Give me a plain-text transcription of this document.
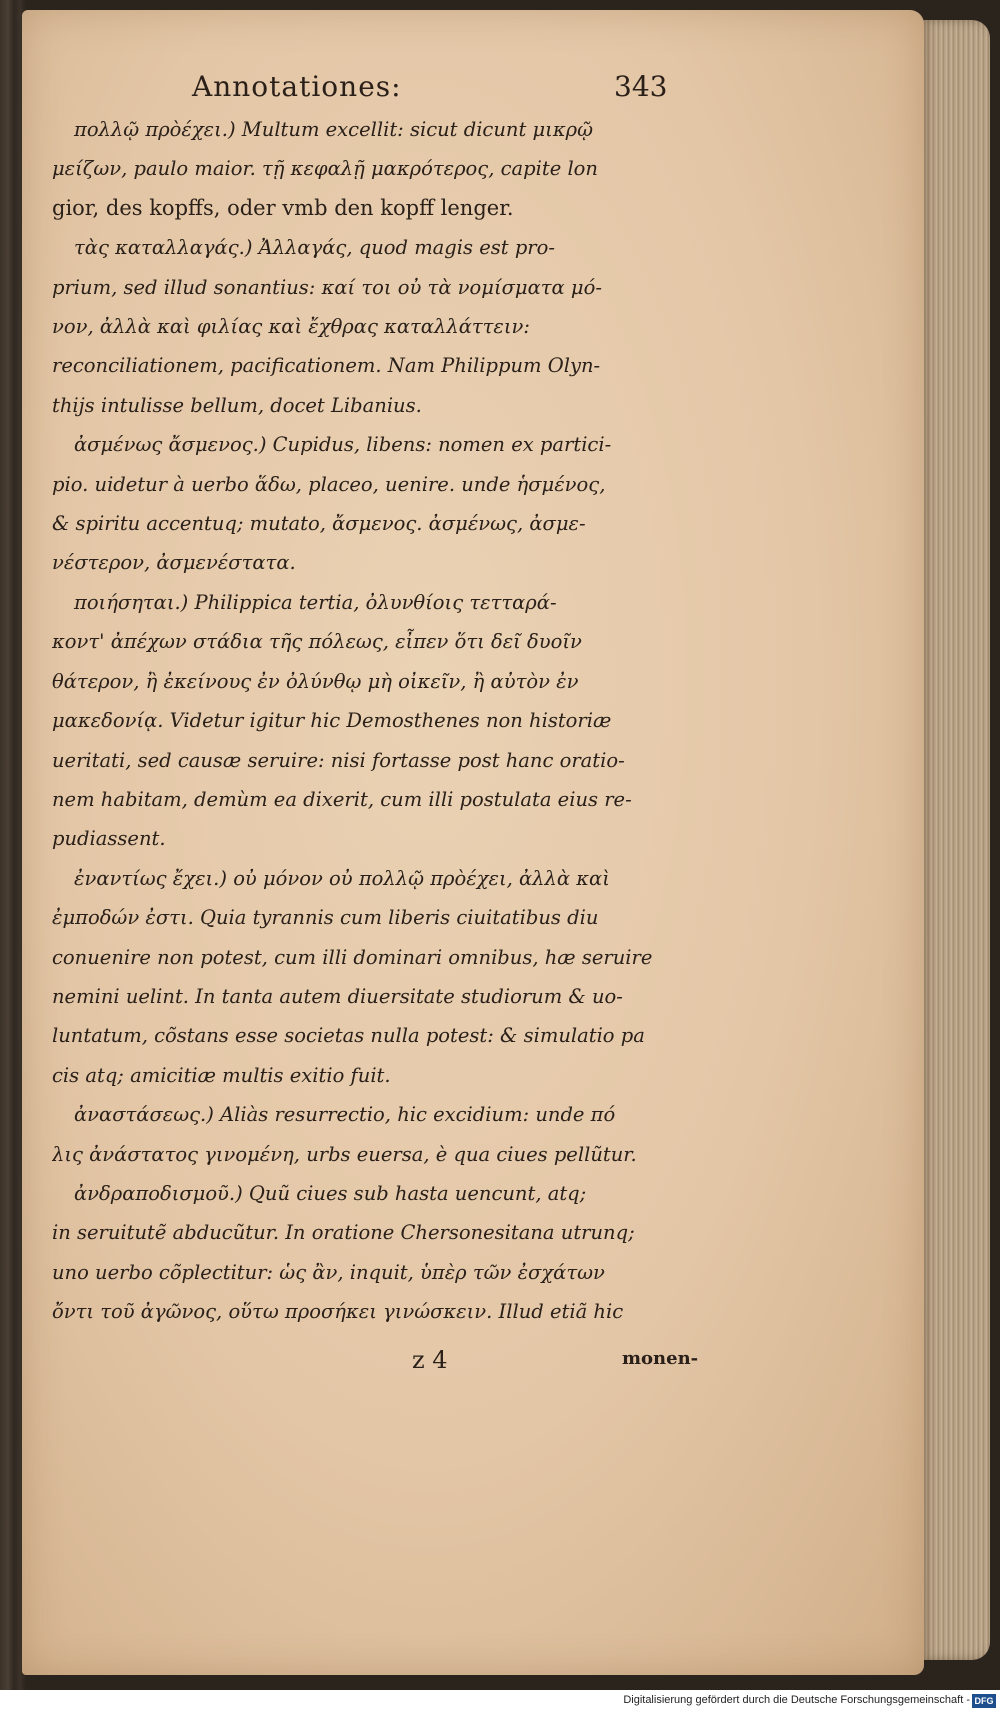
Annotationes:	343
πολλῷ πρὸέχει.) Multum excellit: sicut dicunt μικρῷ
μείζων, paulo maior. τῇ κεφαλῇ μακρότερος, capite lon
gior, des kopffs, oder vmb den kopff lenger.
τὰς καταλλαγάς.) Ἀλλαγάς, quod magis est pro-
prium, sed illud sonantius: καί τοι οὐ τὰ νομίσματα μό-
νον, ἀλλὰ καὶ φιλίας καὶ ἔχθρας καταλλάττειν:
reconciliationem, pacificationem. Nam Philippum Olyn-
thijs intulisse bellum, docet Libanius.
ἀσμένως ἄσμενος.) Cupidus, libens: nomen ex partici-
pio. uidetur à uerbo ἅδω, placeo, uenire. unde ἡσμένος,
& spiritu accentuq; mutato, ἄσμενος. ἀσμένως, ἀσμε-
νέστερον, ἀσμενέστατα.
ποιήσηται.) Philippica tertia, ὀλυνθίοις τετταρά-
κοντ' ἀπέχων στάδια τῆς πόλεως, εἶπεν ὅτι δεῖ δυοῖν
θάτερον, ἢ ἐκείνους ἐν ὀλύνθῳ μὴ οἰκεῖν, ἢ αὐτὸν ἐν
μακεδονίᾳ. Videtur igitur hic Demosthenes non historiæ
ueritati, sed causæ seruire: nisi fortasse post hanc oratio-
nem habitam, demùm ea dixerit, cum illi postulata eius re-
pudiassent.
ἐναντίως ἔχει.) οὐ μόνον οὐ πολλῷ πρὸέχει, ἀλλὰ καὶ
ἐμποδών ἐστι. Quia tyrannis cum liberis ciuitatibus diu
conuenire non potest, cum illi dominari omnibus, hæ seruire
nemini uelint. In tanta autem diuersitate studiorum & uo-
luntatum, cõstans esse societas nulla potest: & simulatio pa
cis atq; amicitiæ multis exitio fuit.
ἀναστάσεως.) Aliàs resurrectio, hic excidium: unde πό
λις ἀνάστατος γινομένη, urbs euersa, è qua ciues pellũtur.
ἀνδραποδισμοῦ.) Quũ ciues sub hasta uencunt, atq;
in seruitutẽ abducũtur. In oratione Chersonesitana utrunq;
uno uerbo cõplectitur: ὡς ἂν, inquit, ὑπὲρ τῶν ἐσχάτων
ὄντι τοῦ ἀγῶνος, οὕτω προσήκει γινώσκειν. Illud etiã hic
z 4	monen-
Digitalisierung gefördert durch die Deutsche Forschungsgemeinschaft - DFG
